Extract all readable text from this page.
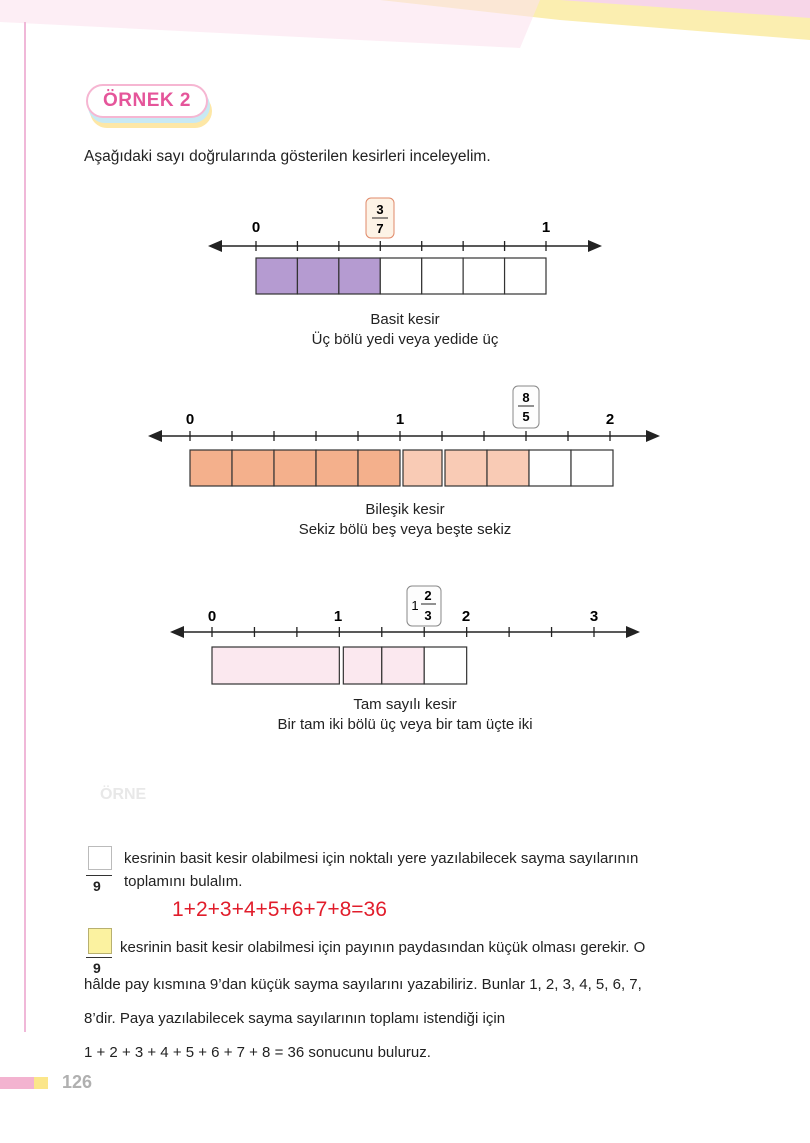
ÖRNEK 2
Aşağıdaki sayı doğrularında gösterilen kesirleri inceleyelim.
0	1
3
7
0	1	2
8
5
0	1	2	3
1
2
3
Basit kesir
Üç bölü yedi veya yedide üç
Bileşik kesir
Sekiz bölü beş veya beşte sekiz
Tam sayılı kesir
Bir tam iki bölü üç veya bir tam üçte iki
ÖRNE
9
kesrinin basit kesir olabilmesi için noktalı yere yazılabilecek sayma sayılarının
toplamını bulalım.
1+2+3+4+5+6+7+8=36
9
kesrinin basit kesir olabilmesi için payının paydasından küçük olması gerekir. O
hâlde pay kısmına 9’dan küçük sayma sayılarını yazabiliriz. Bunlar 1, 2, 3, 4, 5, 6, 7,
8’dir. Paya yazılabilecek sayma sayılarının toplamı istendiği için
1 + 2 + 3 + 4 + 5 + 6 + 7 + 8 = 36 sonucunu buluruz.
126
